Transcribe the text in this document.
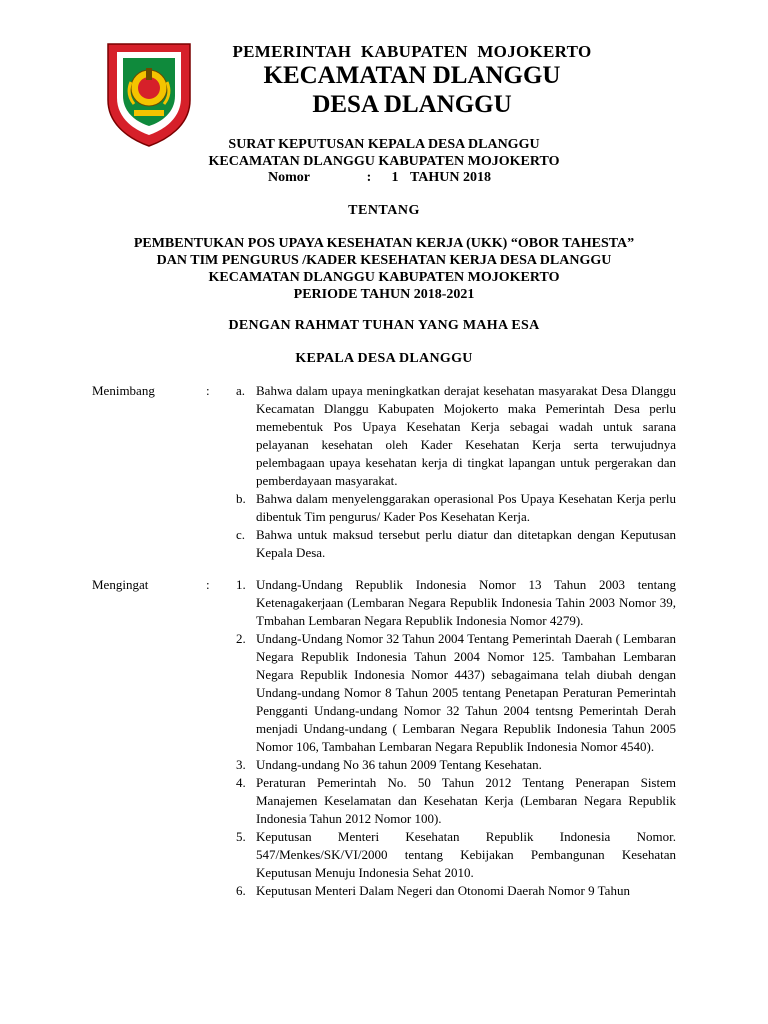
PEMERINTAH KABUPATEN MOJOKERTO
KECAMATAN DLANGGU
DESA DLANGGU
SURAT KEPUTUSAN KEPALA DESA DLANGGU
KECAMATAN DLANGGU KABUPATEN MOJOKERTO
Nomor	: 1 TAHUN 2018
TENTANG
PEMBENTUKAN POS UPAYA KESEHATAN KERJA (UKK) “OBOR TAHESTA”
DAN TIM PENGURUS /KADER KESEHATAN KERJA DESA DLANGGU
KECAMATAN DLANGGU KABUPATEN MOJOKERTO
PERIODE TAHUN 2018-2021
DENGAN RAHMAT TUHAN YANG MAHA ESA
KEPALA DESA DLANGGU
Menimbang	: a. Bahwa dalam upaya meningkatkan derajat kesehatan masyarakat Desa Dlanggu Kecamatan Dlanggu Kabupaten Mojokerto maka Pemerintah Desa perlu memebentuk Pos Upaya Kesehatan Kerja sebagai wadah untuk sarana pelayanan kesehatan oleh Kader Kesehatan Kerja serta terwujudnya pelembagaan upaya kesehatan kerja di tingkat lapangan untuk pergerakan dan pemberdayaan masyarakat.
b. Bahwa dalam menyelenggarakan operasional Pos Upaya Kesehatan Kerja perlu dibentuk Tim pengurus/ Kader Pos Kesehatan Kerja.
c. Bahwa untuk maksud tersebut perlu diatur dan ditetapkan dengan Keputusan Kepala Desa.
Mengingat	: 1. Undang-Undang Republik Indonesia Nomor 13 Tahun 2003 tentang Ketenagakerjaan (Lembaran Negara Republik Indonesia Tahin 2003 Nomor 39, Tmbahan Lembaran Negara Republik Indonesia Nomor 4279).
2. Undang-Undang Nomor 32 Tahun 2004 Tentang Pemerintah Daerah ( Lembaran Negara Republik Indonesia Tahun 2004 Nomor 125. Tambahan Lembaran Negara Republik Indonesia Nomor 4437) sebagaimana telah diubah dengan Undang-undang Nomor 8 Tahun 2005 tentang Penetapan Peraturan Pemerintah Pengganti Undang-undang Nomor 32 Tahun 2004 tentsng Pemerintah Derah menjadi Undang-undang ( Lembaran Negara Republik Indonesia Tahun 2005 Nomor 106, Tambahan Lembaran Negara Republik Indonesia Nomor 4540).
3. Undang-undang No 36 tahun 2009 Tentang Kesehatan.
4. Peraturan Pemerintah No. 50 Tahun 2012 Tentang Penerapan Sistem Manajemen Keselamatan dan Kesehatan Kerja (Lembaran Negara Republik Indonesia Tahun 2012 Nomor 100).
5. Keputusan Menteri Kesehatan Republik Indonesia Nomor. 547/Menkes/SK/VI/2000 tentang Kebijakan Pembangunan Kesehatan Keputusan Menuju Indonesia Sehat 2010.
6. Keputusan Menteri Dalam Negeri dan Otonomi Daerah Nomor 9 Tahun
